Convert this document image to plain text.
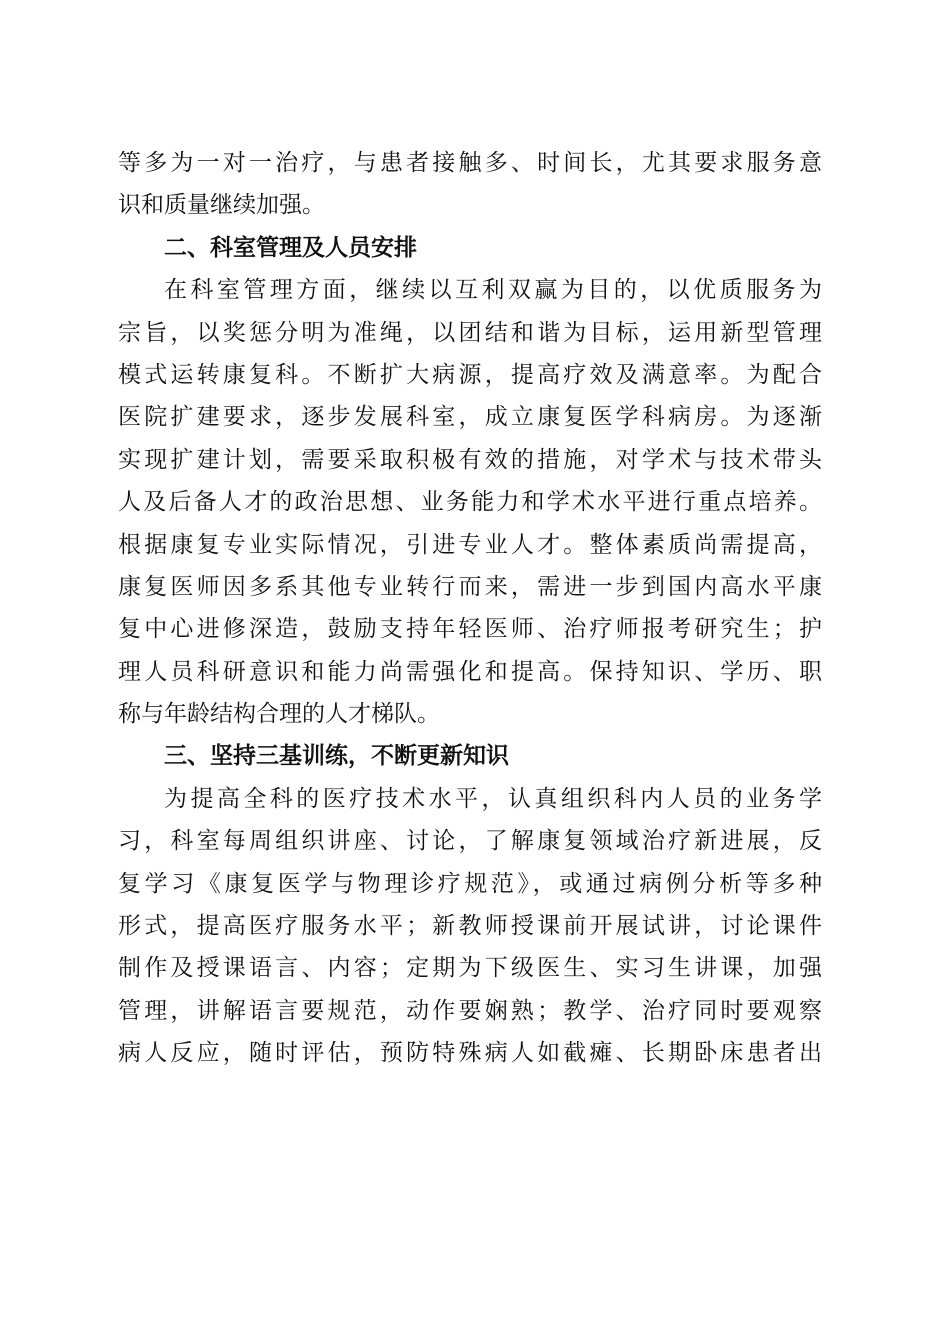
等多为一对一治疗，与患者接触多、时间长，尤其要求服务意
识和质量继续加强。
二、科室管理及人员安排
在科室管理方面，继续以互利双赢为目的，以优质服务为
宗旨，以奖惩分明为准绳，以团结和谐为目标，运用新型管理
模式运转康复科。不断扩大病源，提高疗效及满意率。为配合
医院扩建要求，逐步发展科室，成立康复医学科病房。为逐渐
实现扩建计划，需要采取积极有效的措施，对学术与技术带头
人及后备人才的政治思想、业务能力和学术水平进行重点培养。
根据康复专业实际情况，引进专业人才。整体素质尚需提高，
康复医师因多系其他专业转行而来，需进一步到国内高水平康
复中心进修深造，鼓励支持年轻医师、治疗师报考研究生；护
理人员科研意识和能力尚需强化和提高。保持知识、学历、职
称与年龄结构合理的人才梯队。
三、坚持三基训练，不断更新知识
为提高全科的医疗技术水平，认真组织科内人员的业务学
习，科室每周组织讲座、讨论，了解康复领域治疗新进展，反
复学习《康复医学与物理诊疗规范》，或通过病例分析等多种
形式，提高医疗服务水平；新教师授课前开展试讲，讨论课件
制作及授课语言、内容；定期为下级医生、实习生讲课，加强
管理，讲解语言要规范，动作要娴熟；教学、治疗同时要观察
病人反应，随时评估，预防特殊病人如截瘫、长期卧床患者出
